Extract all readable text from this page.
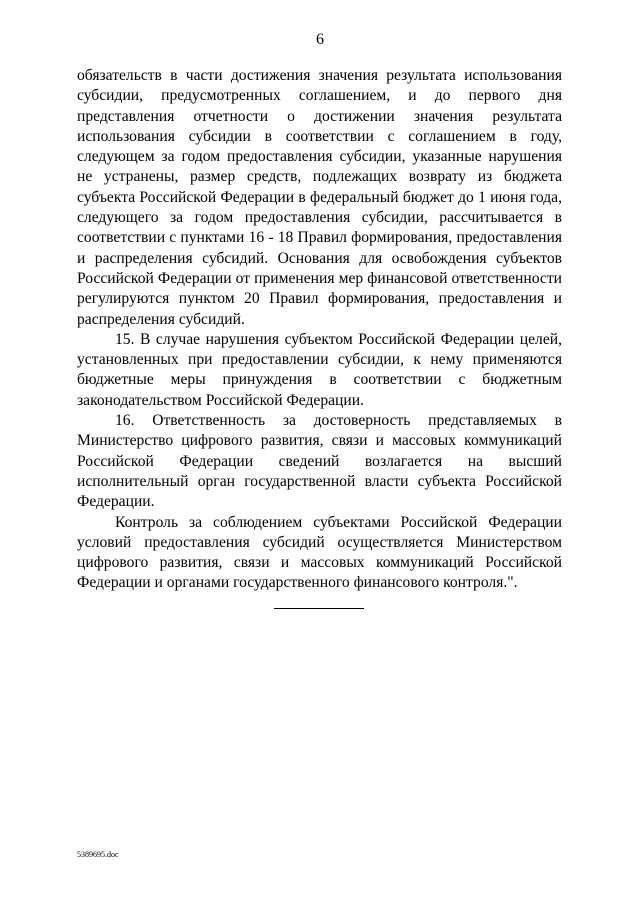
6

обязательств в части достижения значения результата использования субсидии, предусмотренных соглашением, и до первого дня представления отчетности о достижении значения результата использования субсидии в соответствии с соглашением в году, следующем за годом предоставления субсидии, указанные нарушения не устранены, размер средств, подлежащих возврату из бюджета субъекта Российской Федерации в федеральный бюджет до 1 июня года, следующего за годом предоставления субсидии, рассчитывается в соответствии с пунктами 16 - 18 Правил формирования, предоставления и распределения субсидий. Основания для освобождения субъектов Российской Федерации от применения мер финансовой ответственности регулируются пунктом 20 Правил формирования, предоставления и распределения субсидий.

15. В случае нарушения субъектом Российской Федерации целей, установленных при предоставлении субсидии, к нему применяются бюджетные меры принуждения в соответствии с бюджетным законодательством Российской Федерации.

16. Ответственность за достоверность представляемых в Министерство цифрового развития, связи и массовых коммуникаций Российской Федерации сведений возлагается на высший исполнительный орган государственной власти субъекта Российской Федерации.

Контроль за соблюдением субъектами Российской Федерации условий предоставления субсидий осуществляется Министерством цифрового развития, связи и массовых коммуникаций Российской Федерации и органами государственного финансового контроля.".

5389695.doc
